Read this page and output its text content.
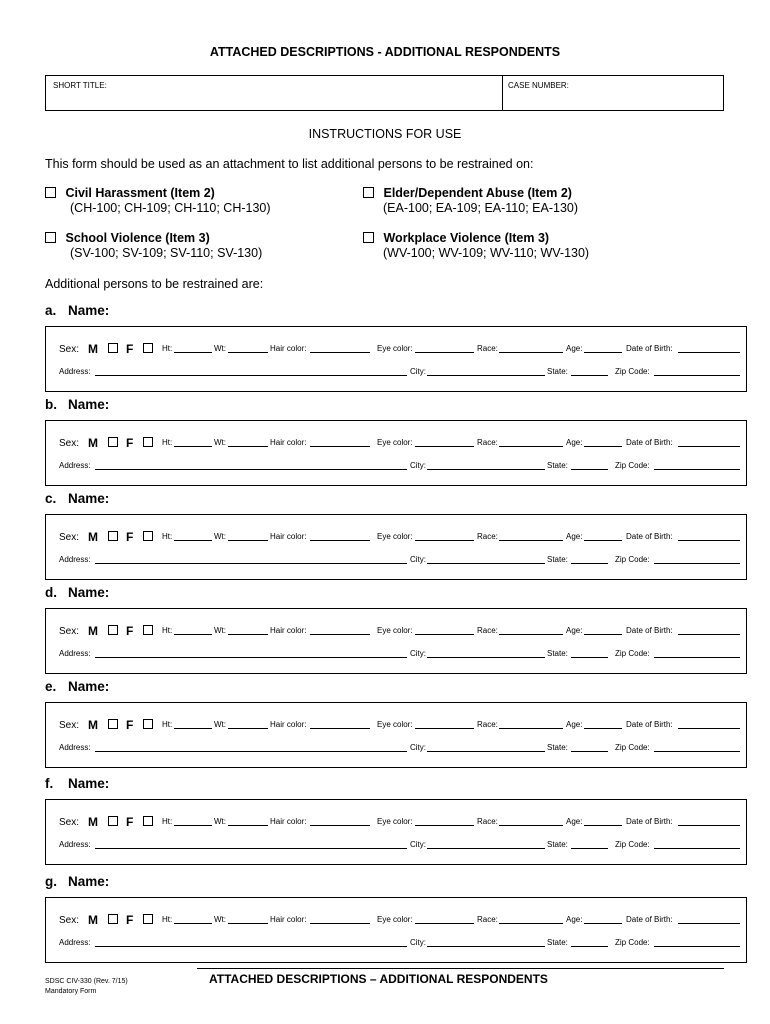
ATTACHED DESCRIPTIONS - ADDITIONAL RESPONDENTS
SHORT TITLE:	CASE NUMBER:
INSTRUCTIONS FOR USE
This form should be used as an attachment to list additional persons to be restrained on:
Civil Harassment (Item 2)
(CH-100; CH-109; CH-110; CH-130)
Elder/Dependent Abuse (Item 2)
(EA-100; EA-109; EA-110; EA-130)
School Violence (Item 3)
(SV-100; SV-109; SV-110; SV-130)
Workplace Violence (Item 3)
(WV-100; WV-109; WV-110; WV-130)
Additional persons to be restrained are:
a. Name:
Sex: M F	Ht:	Wt:	Hair color:	Eye color:	Race:	Age:	Date of Birth:
Address:	City:	State:	Zip Code:
b. Name:
Sex: M F	Ht:	Wt:	Hair color:	Eye color:	Race:	Age:	Date of Birth:
Address:	City:	State:	Zip Code:
c. Name:
Sex: M F	Ht:	Wt:	Hair color:	Eye color:	Race:	Age:	Date of Birth:
Address:	City:	State:	Zip Code:
d. Name:
Sex: M F	Ht:	Wt:	Hair color:	Eye color:	Race:	Age:	Date of Birth:
Address:	City:	State:	Zip Code:
e. Name:
Sex: M F	Ht:	Wt:	Hair color:	Eye color:	Race:	Age:	Date of Birth:
Address:	City:	State:	Zip Code:
f. Name:
Sex: M F	Ht:	Wt:	Hair color:	Eye color:	Race:	Age:	Date of Birth:
Address:	City:	State:	Zip Code:
g. Name:
Sex: M F	Ht:	Wt:	Hair color:	Eye color:	Race:	Age:	Date of Birth:
Address:	City:	State:	Zip Code:
SDSC CIV-330 (Rev. 7/15)
Mandatory Form
ATTACHED DESCRIPTIONS – ADDITIONAL RESPONDENTS
